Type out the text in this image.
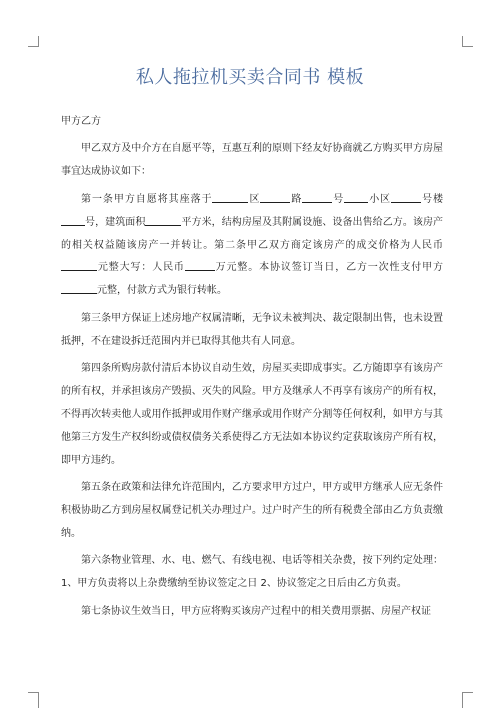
私人拖拉机买卖合同书 模板

甲方乙方

甲乙双方及中介方在自愿平等，互惠互利的原则下经友好协商就乙方购买甲方房屋事宜达成协议如下：

第一条甲方自愿将其座落于	区	路	号 小区	号楼号，建筑面积	平方米，结构房屋及其附属设施、设备出售给乙方。该房产的相关权益随该房产一并转让。第二条甲乙双方商定该房产的成交价格为人民币元整大写：人民币	万元整。本协议签订当日，乙方一次性支付甲方元整，付款方式为银行转帐。

第三条甲方保证上述房地产权属清晰，无争议未被判决、裁定限制出售，也未设置抵押，不在建设拆迁范围内并已取得其他共有人同意。

第四条所购房款付清后本协议自动生效，房屋买卖即成事实。乙方随即享有该房产的所有权，并承担该房产毁损、灭失的风险。甲方及继承人不再享有该房产的所有权，不得再次转卖他人或用作抵押或用作财产继承或用作财产分割等任何权利，如甲方与其他第三方发生产权纠纷或债权债务关系使得乙方无法如本协议约定获取该房产所有权，即甲方违约。

第五条在政策和法律允许范围内，乙方要求甲方过户，甲方或甲方继承人应无条件积极协助乙方到房屋权属登记机关办理过户。过户时产生的所有税费全部由乙方负责缴纳。

第六条物业管理、水、电、燃气、有线电视、电话等相关杂费，按下列约定处理：1、甲方负责将以上杂费缴纳至协议签定之日 2、协议签定之日后由乙方负责。

第七条协议生效当日，甲方应将购买该房产过程中的相关费用票据、房屋产权证
